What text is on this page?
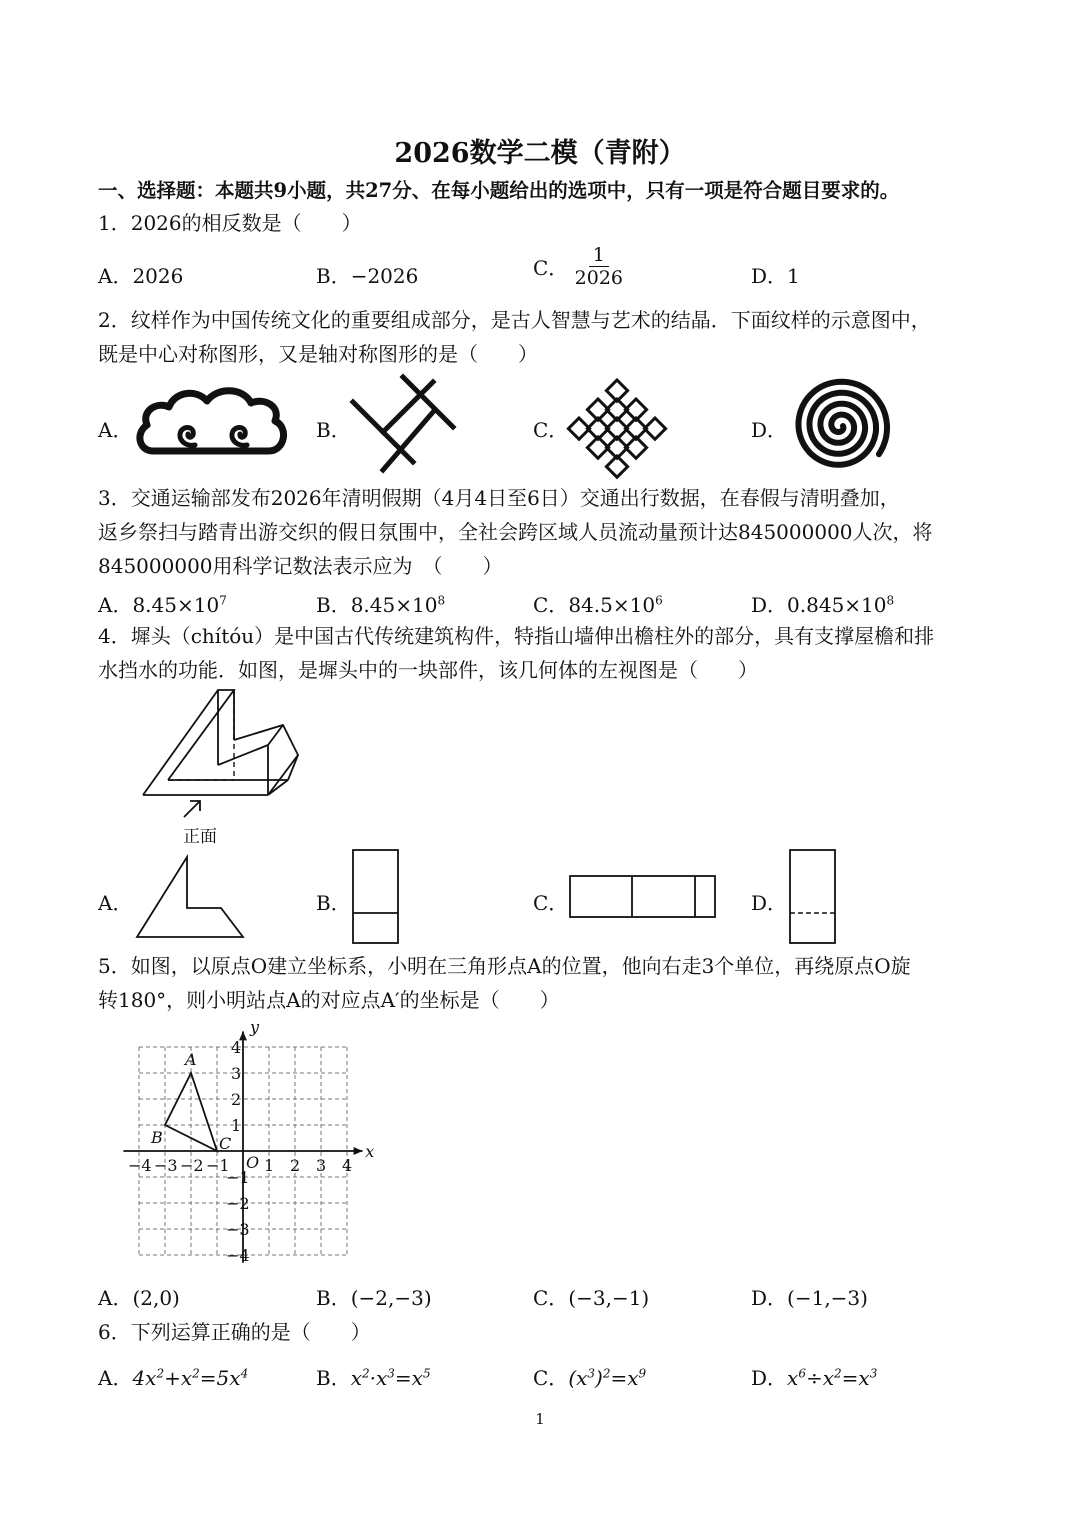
2026数学二模（青附）
一、选择题：本题共9小题，共27分、在每小题给出的选项中，只有一项是符合题目要求的。
1．2026的相反数是（　　）
A．2026	B．−2026	C． $\frac{1}{2026}$	D．1
2．纹样作为中国传统文化的重要组成部分，是古人智慧与艺术的结晶．下面纹样的示意图中，
既是中心对称图形，又是轴对称图形的是（　　）
A．	B．	C．	D．
3．交通运输部发布2026年清明假期（4月4日至6日）交通出行数据，在春假与清明叠加，
返乡祭扫与踏青出游交织的假日氛围中，全社会跨区域人员流动量预计达845000000人次，将
845000000用科学记数法表示应为　（　　）
A．$8.45\times 10^7$	B．$8.45\times 10^8$	C．$84.5\times 10^6$	D．$0.845\times 10^8$
4．墀头（chítóu）是中国古代传统建筑构件，特指山墙伸出檐柱外的部分，具有支撑屋檐和排
水挡水的功能．如图，是墀头中的一块部件，该几何体的左视图是（　　）
正面
A．	B．	C．	D．
5．如图，以原点O建立坐标系，小明在三角形点A的位置，他向右走3个单位，再绕原点O旋
转180°，则小明站点A的对应点A′的坐标是（　　）
x
y
O
−4 −3 −2 −1 1 2 3 4
4
3
2
1
−1
−2
−3
−4
A
B	C
A．(2,0)	B．(−2,−3)	C．(−3,−1)	D．(−1,−3)
6．下列运算正确的是（　　）
A．$4x^2+x^2=5x^4$	B．$x^2\cdot x^3=x^5$	C．$(x^3)^2=x^9$	D．$x^6\div x^2=x^3$
1
